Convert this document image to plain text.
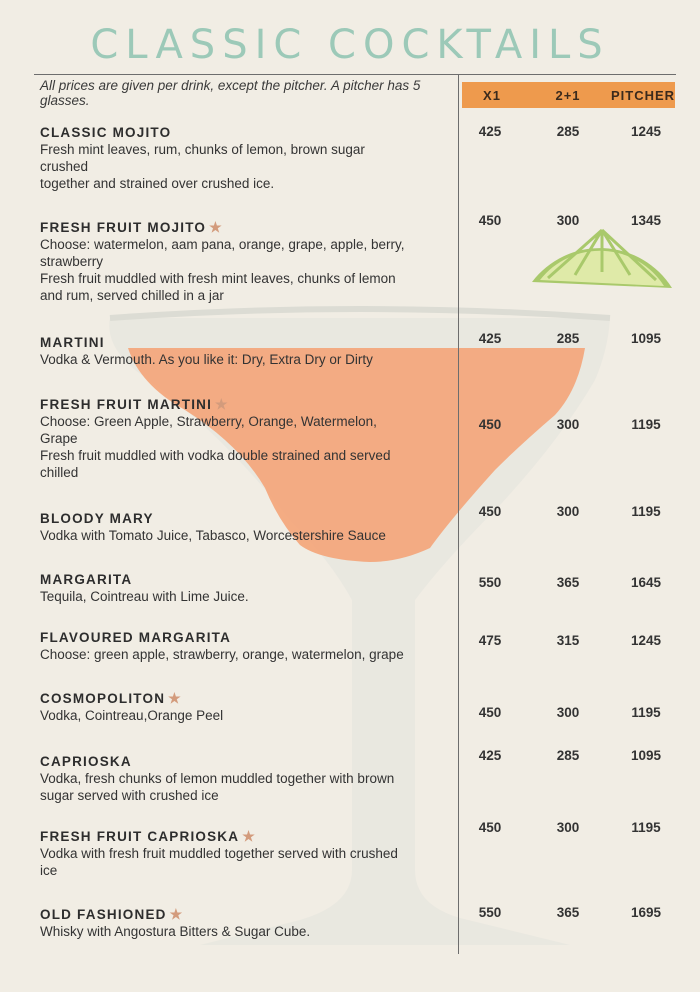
CLASSIC COCKTAILS
All prices are given per drink, except the pitcher. A pitcher has 5 glasses.	X1	2+1	PITCHER
CLASSIC MOJITO
Fresh mint leaves, rum, chunks of lemon, brown sugar
crushed
together and strained over crushed ice.
425	285	1245
FRESH FRUIT MOJITO ★
Choose: watermelon, aam pana, orange, grape, apple, berry,
strawberry
Fresh fruit muddled with fresh mint leaves, chunks of lemon
and rum, served chilled in a jar
450	300	1345
MARTINI
Vodka & Vermouth. As you like it: Dry, Extra Dry or Dirty
425	285	1095
FRESH FRUIT MARTINI ★
Choose: Green Apple, Strawberry, Orange, Watermelon,
Grape
Fresh fruit muddled with vodka double strained and served
chilled
450	300	1195
BLOODY MARY
Vodka with Tomato Juice, Tabasco, Worcestershire Sauce
450	300	1195
MARGARITA
Tequila, Cointreau with Lime Juice.
550	365	1645
FLAVOURED MARGARITA
Choose: green apple, strawberry, orange, watermelon, grape
475	315	1245
COSMOPOLITON ★
Vodka, Cointreau,Orange Peel	450	300	1195
CAPRIOSKA
Vodka, fresh chunks of lemon muddled together with brown
sugar served with crushed ice
425	285	1095
FRESH FRUIT CAPRIOSKA ★
Vodka with fresh fruit muddled together served with crushed
ice
450	300	1195
OLD FASHIONED ★
Whisky with Angostura Bitters & Sugar Cube.
550	365	1695
